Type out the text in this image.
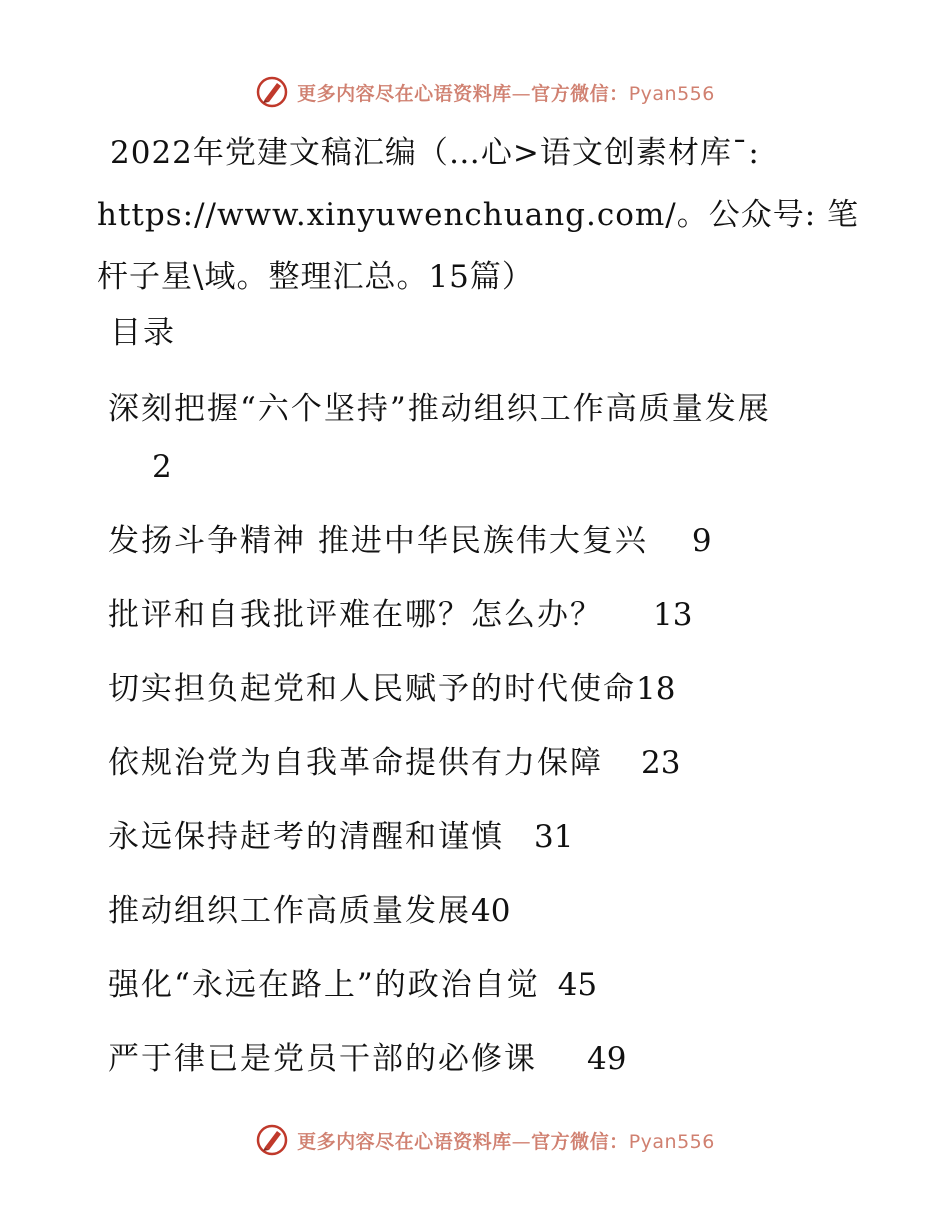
更多内容尽在心语资料库—官方微信：Pyan556
2022年党建文稿汇编（…心>语文创素材库¯:
https://www.xinyuwenchuang.com/。公众号: 笔
杆子星\域。整理汇总。15篇）
目录
深刻把握“六个坚持”推动组织工作高质量发展
2
发扬斗争精神 推进中华民族伟大复兴 9
批评和自我批评难在哪？怎么办？ 13
切实担负起党和人民赋予的时代使命18
依规治党为自我革命提供有力保障 23
永远保持赶考的清醒和谨慎 31
推动组织工作高质量发展40
强化“永远在路上”的政治自觉 45
严于律已是党员干部的必修课 49
更多内容尽在心语资料库—官方微信：Pyan556
